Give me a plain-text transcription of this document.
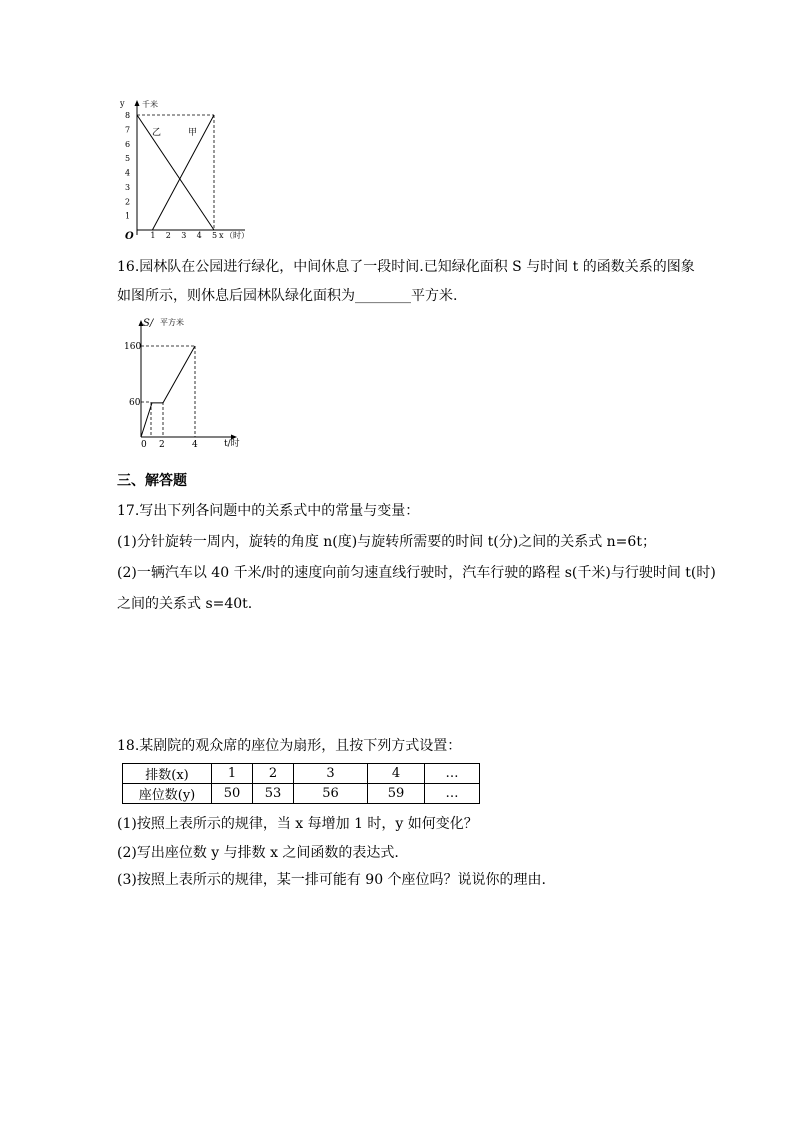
y 千米
O	x （时）
乙	甲
1
2
3
4
5
6
7
8
1 2 3 4 5
16.园林队在公园进行绿化，中间休息了一段时间.已知绿化面积 S 与时间 t 的函数关系的图象
如图所示，则休息后园林队绿化面积为________平方米.
S/ 平方米
t/时
160
60
0 2	4
三、解答题
17.写出下列各问题中的关系式中的常量与变量：
(1)分针旋转一周内，旋转的角度 n(度)与旋转所需要的时间 t(分)之间的关系式 n=6t；
(2)一辆汽车以 40 千米/时的速度向前匀速直线行驶时，汽车行驶的路程 s(千米)与行驶时间 t(时)
之间的关系式 s=40t.
18.某剧院的观众席的座位为扇形，且按下列方式设置：
排数(x)	1	2	3	4	…
座位数(y)	50	53	56	59	…
(1)按照上表所示的规律，当 x 每增加 1 时，y 如何变化？
(2)写出座位数 y 与排数 x 之间函数的表达式.
(3)按照上表所示的规律，某一排可能有 90 个座位吗？说说你的理由.
